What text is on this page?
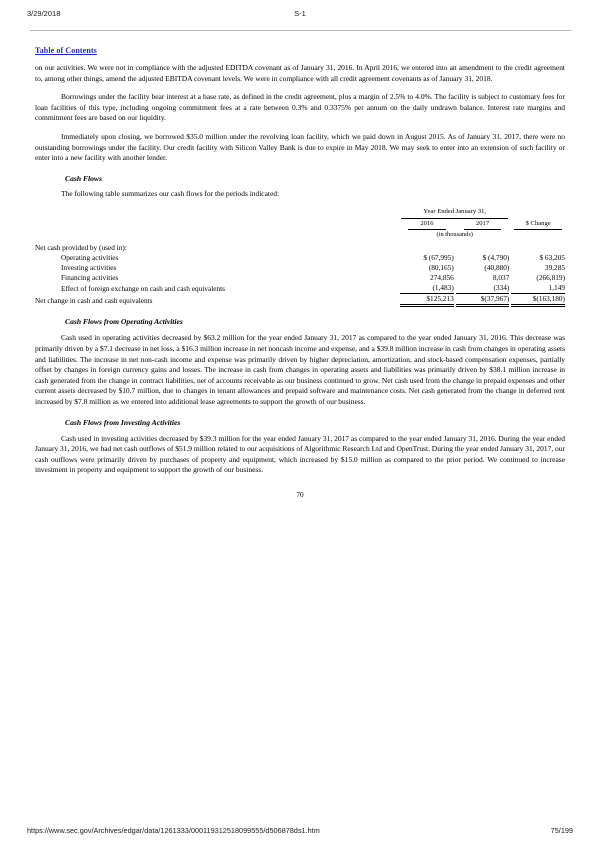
3/29/2018	S-1
Table of Contents

on our activities. We were not in compliance with the adjusted EDITDA covenant as of January 31, 2016. In April 2016, we entered into an amendment to the credit agreement to, among other things, amend the adjusted EBITDA covenant levels. We were in compliance with all credit agreement covenants as of January 31, 2018.

Borrowings under the facility bear interest at a base rate, as defined in the credit agreement, plus a margin of 2.5% to 4.0%. The facility is subject to customary fees for loan facilities of this type, including ongoing commitment fees at a rate between 0.3% and 0.3375% per annum on the daily undrawn balance. Interest rate margins and commitment fees are based on our liquidity.

Immediately upon closing, we borrowed $35.0 million under the revolving loan facility, which we paid down in August 2015. As of January 31, 2017, there were no outstanding borrowings under the facility. Our credit facility with Silicon Valley Bank is due to expire in May 2018. We may seek to enter into an extension of such facility or enter into a new facility with another lender.

Cash Flows

The following table summarizes our cash flows for the periods indicated:

		Year Ended January 31,				

		2016		2017		$ Change

		(in thousands)				

Net cash provided by (used in):						
Operating activities		$ (67,995)		$ (4,790)		$ 63,205
Investing activities		(80,165)		(40,880)		39,285
Financing activities		274,856		8,037		(266,819)
Effect of foreign exchange on cash and cash equivalents		(1,483)		(334)		1,149
Net change in cash and cash equivalents		$125,213		$(37,967)		$(163,180)
Cash Flows from Operating Activities

Cash used in operating activities decreased by $63.2 million for the year ended January 31, 2017 as compared to the year ended January 31, 2016. This decrease was primarily driven by a $7.1 decrease in net loss, a $16.3 million increase in net noncash income and expense, and a $39.8 million increase in cash from changes in operating assets and liabilities. The increase in net non-cash income and expense was primarily driven by higher depreciation, amortization, and stock-based compensation expenses, partially offset by changes in foreign currency gains and losses. The increase in cash from changes in operating assets and liabilities was primarily driven by $38.1 million increase in cash generated from the change in contract liabilities, net of accounts receivable as our business continued to grow. Net cash used from the change in prepaid expenses and other current assets decreased by $10.7 million, due to changes in tenant allowances and prepaid software and maintenance costs. Net cash generated from the change in deferred rent increased by $7.8 million as we entered into additional lease agreements to support the growth of our business.

Cash Flows from Investing Activities

Cash used in investing activities decreased by $39.3 million for the year ended January 31, 2017 as compared to the year ended January 31, 2016. During the year ended January 31, 2016, we had net cash outflows of $51.9 million related to our acquisitions of Algorithmic Research Ltd and OpenTrust. During the year ended January 31, 2017, our cash outflows were primarily driven by purchases of property and equipment, which increased by $15.0 million as compared to the prior period. We continued to increase investment in property and equipment to support the growth of our business.

70
https://www.sec.gov/Archives/edgar/data/1261333/000119312518099555/d506878ds1.htm	75/199
